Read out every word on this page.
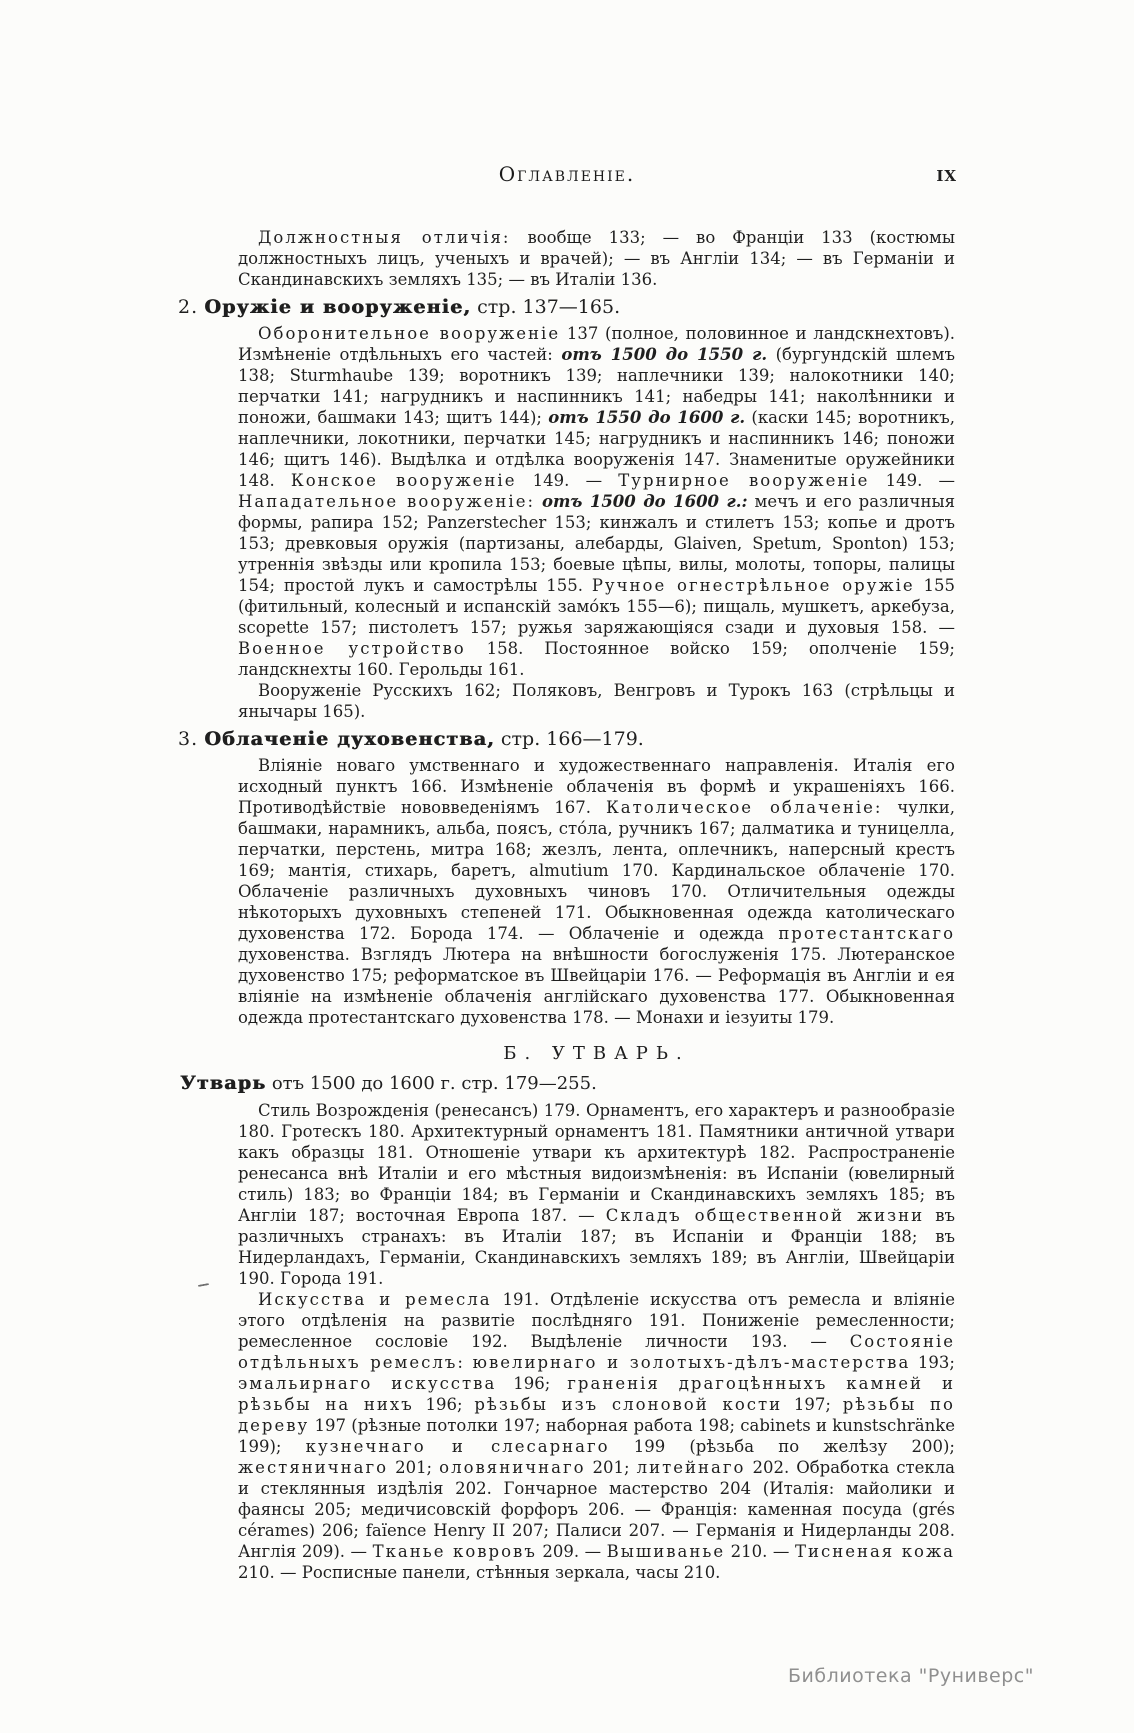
Оглавленіе.	IX

Должностныя отличія: вообще 133; — во Франціи 133 (костюмы должностныхъ лицъ, ученыхъ и врачей); — въ Англіи 134; — въ Германіи и Скандинавскихъ земляхъ 135; — въ Италіи 136.

2. Оружіе и вооруженіе, стр. 137—165.

Оборонительное вооруженіе 137 (полное, половинное и ландскнехтовъ). Измѣненіе отдѣльныхъ его частей: отъ 1500 до 1550 г. (бургундскій шлемъ 138; Sturmhaube 139; воротникъ 139; наплечники 139; налокотники 140; перчатки 141; нагрудникъ и наспинникъ 141; набедры 141; наколѣнники и поножи, башмаки 143; щитъ 144); отъ 1550 до 1600 г. (каски 145; воротникъ, наплечники, локотники, перчатки 145; нагрудникъ и наспинникъ 146; поножи 146; щитъ 146). Выдѣлка и отдѣлка вооруженія 147. Знаменитые оружейники 148. Конское вооруженіе 149. — Турнирное вооруженіе 149. — Нападательное вооруженіе: отъ 1500 до 1600 г.: мечъ и его различныя формы, рапира 152; Panzerstecher 153; кинжалъ и стилетъ 153; копье и дротъ 153; древковыя оружія (партизаны, алебарды, Glaiven, Spetum, Sponton) 153; утреннія звѣзды или кропила 153; боевые цѣпы, вилы, молоты, топоры, палицы 154; простой лукъ и самострѣлы 155. Ручное огнестрѣльное оружіе 155 (фитильный, колесный и испанскій замо́къ 155—6); пищаль, мушкетъ, аркебуза, scopette 157; пистолетъ 157; ружья заряжающіяся сзади и духовыя 158. — Военное устройство 158. Постоянное войско 159; ополченіе 159; ландскнехты 160. Герольды 161.

Вооруженіе Русскихъ 162; Поляковъ, Венгровъ и Турокъ 163 (стрѣльцы и янычары 165).

3. Облаченіе духовенства, стр. 166—179.

Вліяніе новаго умственнаго и художественнаго направленія. Италія его исходный пунктъ 166. Измѣненіе облаченія въ формѣ и украшеніяхъ 166. Противодѣйствіе нововведеніямъ 167. Католическое облаченіе: чулки, башмаки, нарамникъ, альба, поясъ, сто́ла, ручникъ 167; далматика и туницелла, перчатки, перстень, митра 168; жезлъ, лента, оплечникъ, наперсный крестъ 169; мантія, стихарь, баретъ, almutium 170. Кардинальское облаченіе 170. Облаченіе различныхъ духовныхъ чиновъ 170. Отличительныя одежды нѣкоторыхъ духовныхъ степеней 171. Обыкновенная одежда католическаго духовенства 172. Борода 174. — Облаченіе и одежда протестантскаго духовенства. Взглядъ Лютера на внѣшности богослуженія 175. Лютеранское духовенство 175; реформатское въ Швейцаріи 176. — Реформація въ Англіи и ея вліяніе на измѣненіе облаченія англійскаго духовенства 177. Обыкновенная одежда протестантскаго духовенства 178. — Монахи и іезуиты 179.

Б. УТВАРЬ.
Утварь отъ 1500 до 1600 г. стр. 179—255.

Стиль Возрожденія (ренесансъ) 179. Орнаментъ, его характеръ и разнообразіе 180. Гротескъ 180. Архитектурный орнаментъ 181. Памятники античной утвари какъ образцы 181. Отношеніе утвари къ архитектурѣ 182. Распространеніе ренесанса внѣ Италіи и его мѣстныя видоизмѣненія: въ Испаніи (ювелирный стиль) 183; во Франціи 184; въ Германіи и Скандинавскихъ земляхъ 185; въ Англіи 187; восточная Европа 187. — Складъ общественной жизни въ различныхъ странахъ: въ Италіи 187; въ Испаніи и Франціи 188; въ Нидерландахъ, Германіи, Скандинавскихъ земляхъ 189; въ Англіи, Швейцаріи 190. Города 191.

Искусства и ремесла 191. Отдѣленіе искусства отъ ремесла и вліяніе этого отдѣленія на развитіе послѣдняго 191. Пониженіе ремесленности; ремесленное сословіе 192. Выдѣленіе личности 193. — Состояніе отдѣльныхъ ремеслъ: ювелирнаго и золотыхъ-дѣлъ-мастерства 193; эмальирнаго искусства 196; граненія драгоцѣнныхъ камней и рѣзьбы на нихъ 196; рѣзьбы изъ слоновой кости 197; рѣзьбы по дереву 197 (рѣзные потолки 197; наборная работа 198; cabinets и kunstschränke 199); кузнечнаго и слесарнаго 199 (рѣзьба по желѣзу 200); жестяничнаго 201; оловяничнаго 201; литейнаго 202. Обработка стекла и стеклянныя издѣлія 202. Гончарное мастерство 204 (Италія: майолики и фаянсы 205; медичисовскій форфоръ 206. — Франція: каменная посуда (grés cérames) 206; faïence Henry II 207; Палиси 207. — Германія и Нидерланды 208. Англія 209). — Тканье ковровъ 209. — Вышиванье 210. — Тисненая кожа 210. — Росписные панели, стѣнныя зеркала, часы 210.

Библиотека "Руниверс"
